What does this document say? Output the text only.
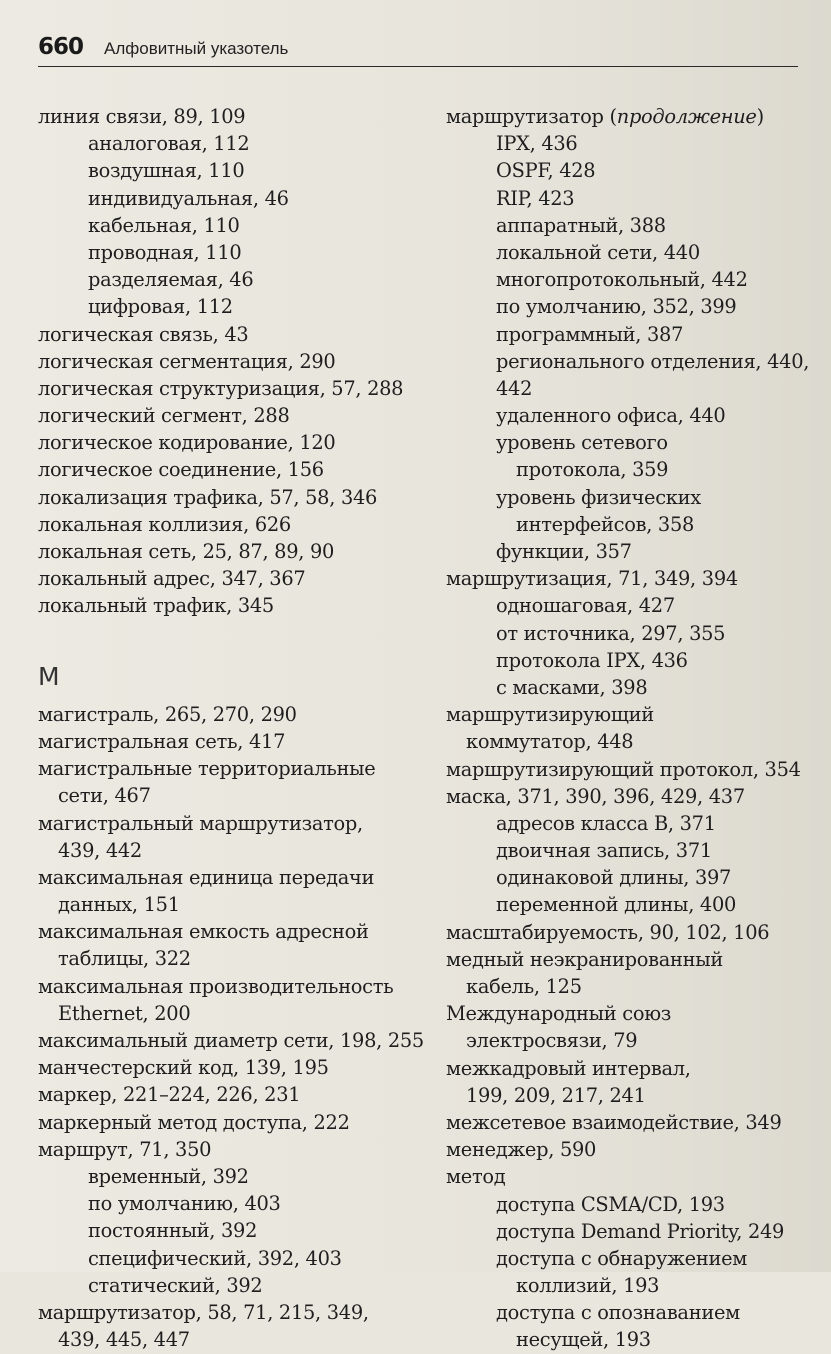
660 Алфовитный указотель
линия связи, 89, 109
аналоговая, 112
воздушная, 110
индивидуальная, 46
кабельная, 110
проводная, 110
разделяемая, 46
цифровая, 112
логическая связь, 43
логическая сегментация, 290
логическая структуризация, 57, 288
логический сегмент, 288
логическое кодирование, 120
логическое соединение, 156
локализация трафика, 57, 58, 346
локальная коллизия, 626
локальная сеть, 25, 87, 89, 90
локальный адрес, 347, 367
локальный трафик, 345
М
магистраль, 265, 270, 290
магистральная сеть, 417
магистральные территориальные
сети, 467
магистральный маршрутизатор,
439, 442
максимальная единица передачи
данных, 151
максимальная емкость адресной
таблицы, 322
максимальная производительность
Ethernet, 200
максимальный диаметр сети, 198, 255
манчестерский код, 139, 195
маркер, 221–224, 226, 231
маркерный метод доступа, 222
маршрут, 71, 350
временный, 392
по умолчанию, 403
постоянный, 392
специфический, 392, 403
статический, 392
маршрутизатор, 58, 71, 215, 349,
439, 445, 447
маршрутизатор (продолжение)
IPX, 436
OSPF, 428
RIP, 423
аппаратный, 388
локальной сети, 440
многопротокольный, 442
по умолчанию, 352, 399
программный, 387
регионального отделения, 440,
442
удаленного офиса, 440
уровень сетевого
протокола, 359
уровень физических
интерфейсов, 358
функции, 357
маршрутизация, 71, 349, 394
одношаговая, 427
от источника, 297, 355
протокола IPX, 436
с масками, 398
маршрутизирующий
коммутатор, 448
маршрутизирующий протокол, 354
маска, 371, 390, 396, 429, 437
адресов класса В, 371
двоичная запись, 371
одинаковой длины, 397
переменной длины, 400
масштабируемость, 90, 102, 106
медный неэкранированный
кабель, 125
Международный союз
электросвязи, 79
межкадровый интервал,
199, 209, 217, 241
межсетевое взаимодействие, 349
менеджер, 590
метод
доступа CSMA/CD, 193
доступа Demand Priority, 249
доступа с обнаружением
коллизий, 193
доступа с опознаванием
несущей, 193
